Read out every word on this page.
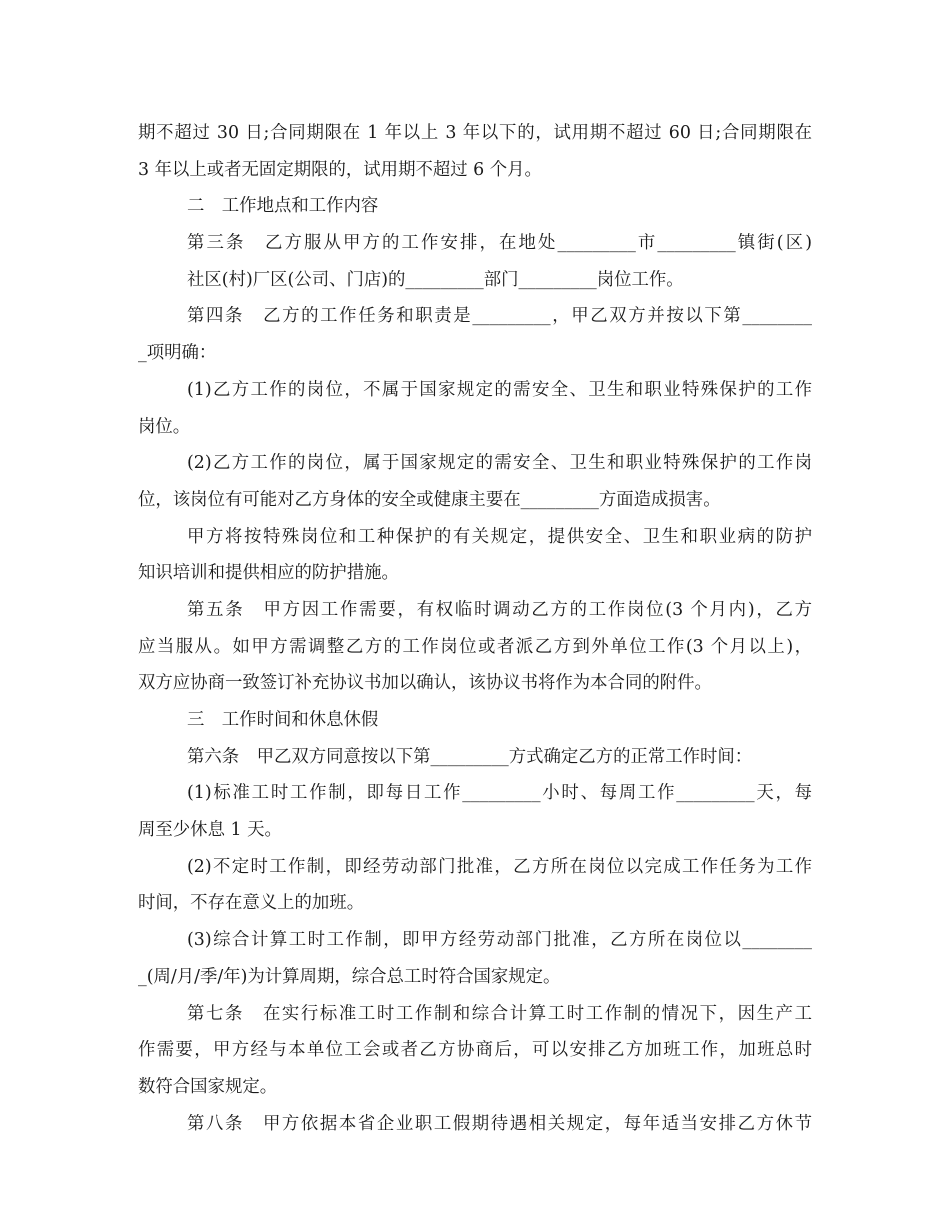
期不超过 30 日;合同期限在 1 年以上 3 年以下的，试用期不超过 60 日;合同期限在
3 年以上或者无固定期限的，试用期不超过 6 个月。
二　工作地点和工作内容
第三条　乙方服从甲方的工作安排，在地处_________市_________镇街(区)
社区(村)厂区(公司、门店)的_________部门_________岗位工作。
第四条　乙方的工作任务和职责是_________，甲乙双方并按以下第________
_项明确：
(1)乙方工作的岗位，不属于国家规定的需安全、卫生和职业特殊保护的工作
岗位。
(2)乙方工作的岗位，属于国家规定的需安全、卫生和职业特殊保护的工作岗
位，该岗位有可能对乙方身体的安全或健康主要在_________方面造成损害。
甲方将按特殊岗位和工种保护的有关规定，提供安全、卫生和职业病的防护
知识培训和提供相应的防护措施。
第五条　甲方因工作需要，有权临时调动乙方的工作岗位(3 个月内)，乙方
应当服从。如甲方需调整乙方的工作岗位或者派乙方到外单位工作(3 个月以上)，
双方应协商一致签订补充协议书加以确认，该协议书将作为本合同的附件。
三　工作时间和休息休假
第六条　甲乙双方同意按以下第_________方式确定乙方的正常工作时间：
(1)标准工时工作制，即每日工作_________小时、每周工作_________天，每
周至少休息 1 天。
(2)不定时工作制，即经劳动部门批准，乙方所在岗位以完成工作任务为工作
时间，不存在意义上的加班。
(3)综合计算工时工作制，即甲方经劳动部门批准，乙方所在岗位以________
_(周/月/季/年)为计算周期，综合总工时符合国家规定。
第七条　在实行标准工时工作制和综合计算工时工作制的情况下，因生产工
作需要，甲方经与本单位工会或者乙方协商后，可以安排乙方加班工作，加班总时
数符合国家规定。
第八条　甲方依据本省企业职工假期待遇相关规定，每年适当安排乙方休节
